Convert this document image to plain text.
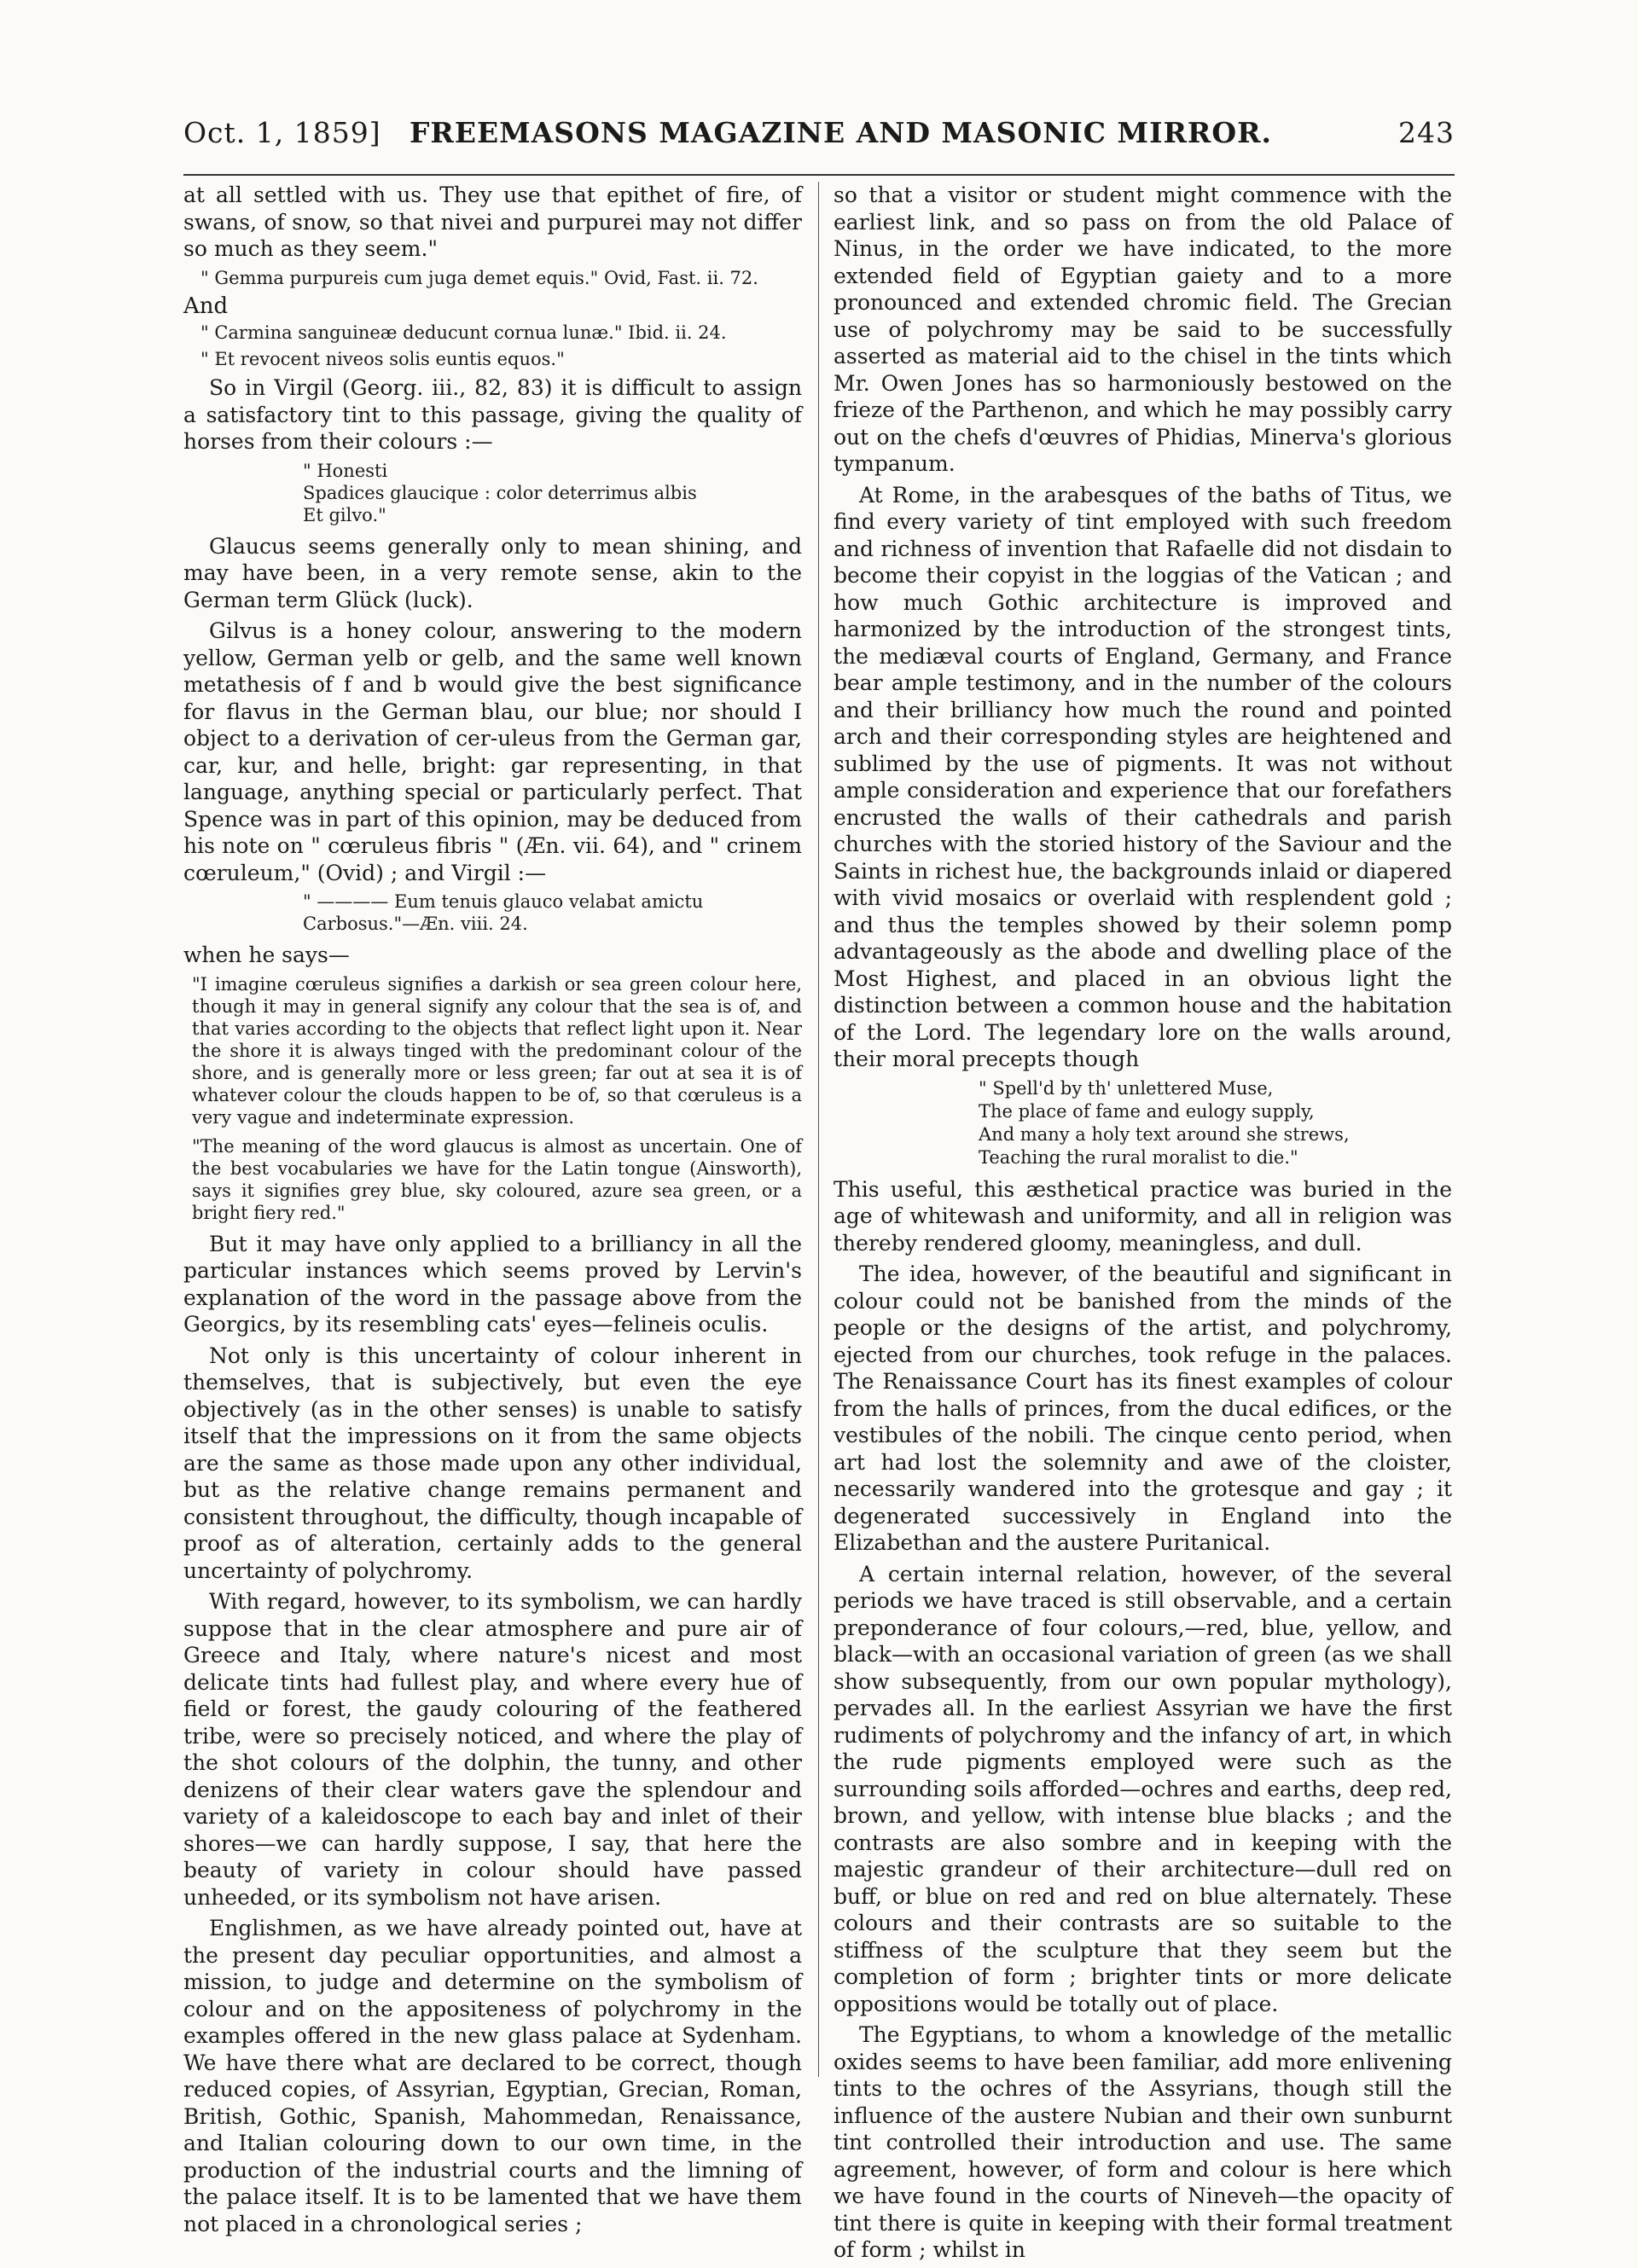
Oct. 1, 1859] FREEMASONS MAGAZINE AND MASONIC MIRROR.	243

at all settled with us. They use that epithet of fire, of swans, of snow, so that nivei and purpurei may not differ so much as they seem."

" Gemma purpureis cum juga demet equis." Ovid, Fast. ii. 72.

And

" Carmina sanguineæ deducunt cornua lunæ." Ibid. ii. 24.

" Et revocent niveos solis euntis equos."

So in Virgil (Georg. iii., 82, 83) it is difficult to assign a satisfactory tint to this passage, giving the quality of horses from their colours :—

" Honesti
Spadices glaucique : color deterrimus albis
Et gilvo."

Glaucus seems generally only to mean shining, and may have been, in a very remote sense, akin to the German term Glück (luck).

Gilvus is a honey colour, answering to the modern yellow, German yelb or gelb, and the same well known metathesis of f and b would give the best significance for flavus in the German blau, our blue; nor should I object to a derivation of cer-uleus from the German gar, car, kur, and helle, bright: gar representing, in that language, anything special or particularly perfect. That Spence was in part of this opinion, may be deduced from his note on " cœruleus fibris " (Æn. vii. 64), and " crinem cœruleum," (Ovid) ; and Virgil :—

" ———— Eum tenuis glauco velabat amictu
Carbosus."—Æn. viii. 24.

when he says—

"I imagine cœruleus signifies a darkish or sea green colour here, though it may in general signify any colour that the sea is of, and that varies according to the objects that reflect light upon it. Near the shore it is always tinged with the predominant colour of the shore, and is generally more or less green; far out at sea it is of whatever colour the clouds happen to be of, so that cœruleus is a very vague and indeterminate expression.

"The meaning of the word glaucus is almost as uncertain. One of the best vocabularies we have for the Latin tongue (Ainsworth), says it signifies grey blue, sky coloured, azure sea green, or a bright fiery red."

But it may have only applied to a brilliancy in all the particular instances which seems proved by Lervin's explanation of the word in the passage above from the Georgics, by its resembling cats' eyes—felineis oculis.

Not only is this uncertainty of colour inherent in themselves, that is subjectively, but even the eye objectively (as in the other senses) is unable to satisfy itself that the impressions on it from the same objects are the same as those made upon any other individual, but as the relative change remains permanent and consistent throughout, the difficulty, though incapable of proof as of alteration, certainly adds to the general uncertainty of polychromy.

With regard, however, to its symbolism, we can hardly suppose that in the clear atmosphere and pure air of Greece and Italy, where nature's nicest and most delicate tints had fullest play, and where every hue of field or forest, the gaudy colouring of the feathered tribe, were so precisely noticed, and where the play of the shot colours of the dolphin, the tunny, and other denizens of their clear waters gave the splendour and variety of a kaleidoscope to each bay and inlet of their shores—we can hardly suppose, I say, that here the beauty of variety in colour should have passed unheeded, or its symbolism not have arisen.

Englishmen, as we have already pointed out, have at the present day peculiar opportunities, and almost a mission, to judge and determine on the symbolism of colour and on the appositeness of polychromy in the examples offered in the new glass palace at Sydenham. We have there what are declared to be correct, though reduced copies, of Assyrian, Egyptian, Grecian, Roman, British, Gothic, Spanish, Mahommedan, Renaissance, and Italian colouring down to our own time, in the production of the industrial courts and the limning of the palace itself. It is to be lamented that we have them not placed in a chronological series ;

so that a visitor or student might commence with the earliest link, and so pass on from the old Palace of Ninus, in the order we have indicated, to the more extended field of Egyptian gaiety and to a more pronounced and extended chromic field. The Grecian use of polychromy may be said to be successfully asserted as material aid to the chisel in the tints which Mr. Owen Jones has so harmoniously bestowed on the frieze of the Parthenon, and which he may possibly carry out on the chefs d'œuvres of Phidias, Minerva's glorious tympanum.

At Rome, in the arabesques of the baths of Titus, we find every variety of tint employed with such freedom and richness of invention that Rafaelle did not disdain to become their copyist in the loggias of the Vatican ; and how much Gothic architecture is improved and harmonized by the introduction of the strongest tints, the mediæval courts of England, Germany, and France bear ample testimony, and in the number of the colours and their brilliancy how much the round and pointed arch and their corresponding styles are heightened and sublimed by the use of pigments. It was not without ample consideration and experience that our forefathers encrusted the walls of their cathedrals and parish churches with the storied history of the Saviour and the Saints in richest hue, the backgrounds inlaid or diapered with vivid mosaics or overlaid with resplendent gold ; and thus the temples showed by their solemn pomp advantageously as the abode and dwelling place of the Most Highest, and placed in an obvious light the distinction between a common house and the habitation of the Lord. The legendary lore on the walls around, their moral precepts though

" Spell'd by th' unlettered Muse,
The place of fame and eulogy supply,
And many a holy text around she strews,
Teaching the rural moralist to die."

This useful, this æsthetical practice was buried in the age of whitewash and uniformity, and all in religion was thereby rendered gloomy, meaningless, and dull.

The idea, however, of the beautiful and significant in colour could not be banished from the minds of the people or the designs of the artist, and polychromy, ejected from our churches, took refuge in the palaces. The Renaissance Court has its finest examples of colour from the halls of princes, from the ducal edifices, or the vestibules of the nobili. The cinque cento period, when art had lost the solemnity and awe of the cloister, necessarily wandered into the grotesque and gay ; it degenerated successively in England into the Elizabethan and the austere Puritanical.

A certain internal relation, however, of the several periods we have traced is still observable, and a certain preponderance of four colours,—red, blue, yellow, and black—with an occasional variation of green (as we shall show subsequently, from our own popular mythology), pervades all. In the earliest Assyrian we have the first rudiments of polychromy and the infancy of art, in which the rude pigments employed were such as the surrounding soils afforded—ochres and earths, deep red, brown, and yellow, with intense blue blacks ; and the contrasts are also sombre and in keeping with the majestic grandeur of their architecture—dull red on buff, or blue on red and red on blue alternately. These colours and their contrasts are so suitable to the stiffness of the sculpture that they seem but the completion of form ; brighter tints or more delicate oppositions would be totally out of place.

The Egyptians, to whom a knowledge of the metallic oxides seems to have been familiar, add more enlivening tints to the ochres of the Assyrians, though still the influence of the austere Nubian and their own sunburnt tint controlled their introduction and use. The same agreement, however, of form and colour is here which we have found in the courts of Nineveh—the opacity of tint there is quite in keeping with their formal treatment of form ; whilst in
